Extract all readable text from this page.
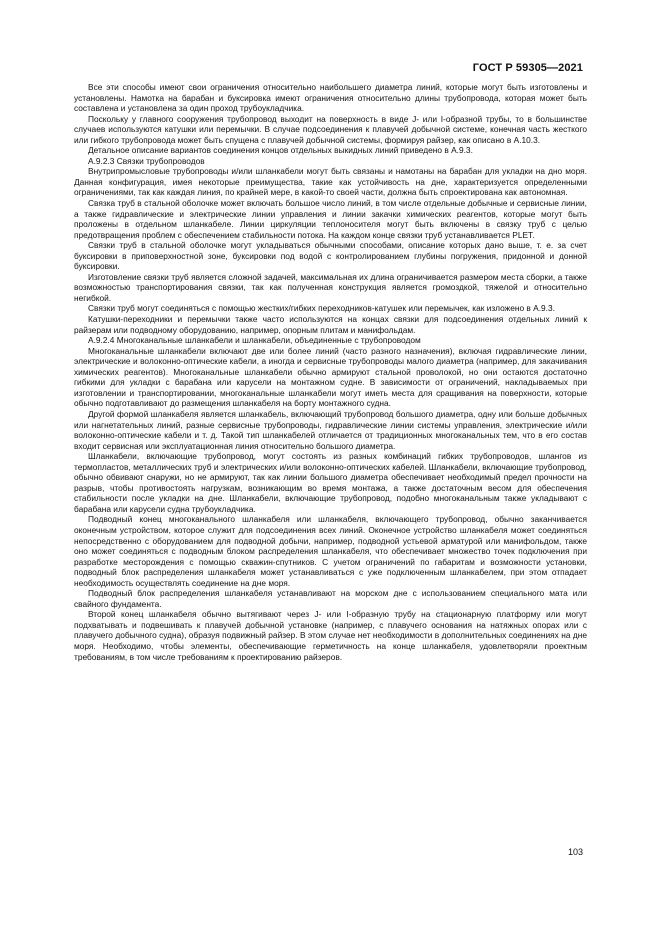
ГОСТ Р 59305—2021

Все эти способы имеют свои ограничения относительно наибольшего диаметра линий, которые могут быть изготовлены и установлены. Намотка на барабан и буксировка имеют ограничения относительно длины трубопровода, которая может быть составлена и установлена за один проход трубоукладчика.

Поскольку у главного сооружения трубопровод выходит на поверхность в виде J- или I-образной трубы, то в большинстве случаев используются катушки или перемычки. В случае подсоединения к плавучей добычной системе, конечная часть жесткого или гибкого трубопровода может быть спущена с плавучей добычной системы, формируя райзер, как описано в А.10.3.

Детальное описание вариантов соединения концов отдельных выкидных линий приведено в А.9.3.

А.9.2.3 Связки трубопроводов

Внутрипромысловые трубопроводы и/или шланкабели могут быть связаны и намотаны на барабан для укладки на дно моря. Данная конфигурация, имея некоторые преимущества, такие как устойчивость на дне, характеризуется определенными ограничениями, так как каждая линия, по крайней мере, в какой-то своей части, должна быть спроектирована как автономная.

Связка труб в стальной оболочке может включать большое число линий, в том числе отдельные добычные и сервисные линии, а также гидравлические и электрические линии управления и линии закачки химических реагентов, которые могут быть проложены в отдельном шланкабеле. Линии циркуляции теплоносителя могут быть включены в связку труб с целью предотвращения проблем с обеспечением стабильности потока. На каждом конце связки труб устанавливается PLET.

Связки труб в стальной оболочке могут укладываться обычными способами, описание которых дано выше, т. е. за счет буксировки в приповерхностной зоне, буксировки под водой с контролированием глубины погружения, придонной и донной буксировки.

Изготовление связки труб является сложной задачей, максимальная их длина ограничивается размером места сборки, а также возможностью транспортирования связки, так как полученная конструкция является громоздкой, тяжелой и относительно негибкой.

Связки труб могут соединяться с помощью жестких/гибких переходников-катушек или перемычек, как изложено в А.9.3.

Катушки-переходники и перемычки также часто используются на концах связки для подсоединения отдельных линий к райзерам или подводному оборудованию, например, опорным плитам и манифольдам.

А.9.2.4 Многоканальные шланкабели и шланкабели, объединенные с трубопроводом

Многоканальные шланкабели включают две или более линий (часто разного назначения), включая гидравлические линии, электрические и волоконно-оптические кабели, а иногда и сервисные трубопроводы малого диаметра (например, для закачивания химических реагентов). Многоканальные шланкабели обычно армируют стальной проволокой, но они остаются достаточно гибкими для укладки с барабана или карусели на монтажном судне. В зависимости от ограничений, накладываемых при изготовлении и транспортировании, многоканальные шланкабели могут иметь места для сращивания на поверхности, которые обычно подготавливают до размещения шланкабеля на борту монтажного судна.

Другой формой шланкабеля является шланкабель, включающий трубопровод большого диаметра, одну или больше добычных или нагнетательных линий, разные сервисные трубопроводы, гидравлические линии системы управления, электрические и/или волоконно-оптические кабели и т. д. Такой тип шланкабелей отличается от традиционных многоканальных тем, что в его состав входит сервисная или эксплуатационная линия относительно большого диаметра.

Шланкабели, включающие трубопровод, могут состоять из разных комбинаций гибких трубопроводов, шлангов из термопластов, металлических труб и электрических и/или волоконно-оптических кабелей. Шланкабели, включающие трубопровод, обычно обвивают снаружи, но не армируют, так как линии большого диаметра обеспечивает необходимый предел прочности на разрыв, чтобы противостоять нагрузкам, возникающим во время монтажа, а также достаточным весом для обеспечения стабильности после укладки на дне. Шланкабели, включающие трубопровод, подобно многоканальным также укладывают с барабана или карусели судна трубоукладчика.

Подводный конец многоканального шланкабеля или шланкабеля, включающего трубопровод, обычно заканчивается оконечным устройством, которое служит для подсоединения всех линий. Оконечное устройство шланкабеля может соединяться непосредственно с оборудованием для подводной добычи, например, подводной устьевой арматурой или манифольдом, также оно может соединяться с подводным блоком распределения шланкабеля, что обеспечивает множество точек подключения при разработке месторождения с помощью скважин-спутников. С учетом ограничений по габаритам и возможности установки, подводный блок распределения шланкабеля может устанавливаться с уже подключенным шланкабелем, при этом отпадает необходимость осуществлять соединение на дне моря.

Подводный блок распределения шланкабеля устанавливают на морском дне с использованием специального мата или свайного фундамента.

Второй конец шланкабеля обычно вытягивают через J- или I-образную трубу на стационарную платформу или могут подхватывать и подвешивать к плавучей добычной установке (например, с плавучего основания на натяжных опорах или с плавучего добычного судна), образуя подвижный райзер. В этом случае нет необходимости в дополнительных соединениях на дне моря. Необходимо, чтобы элементы, обеспечивающие герметичность на конце шланкабеля, удовлетворяли проектным требованиям, в том числе требованиям к проектированию райзеров.

103
